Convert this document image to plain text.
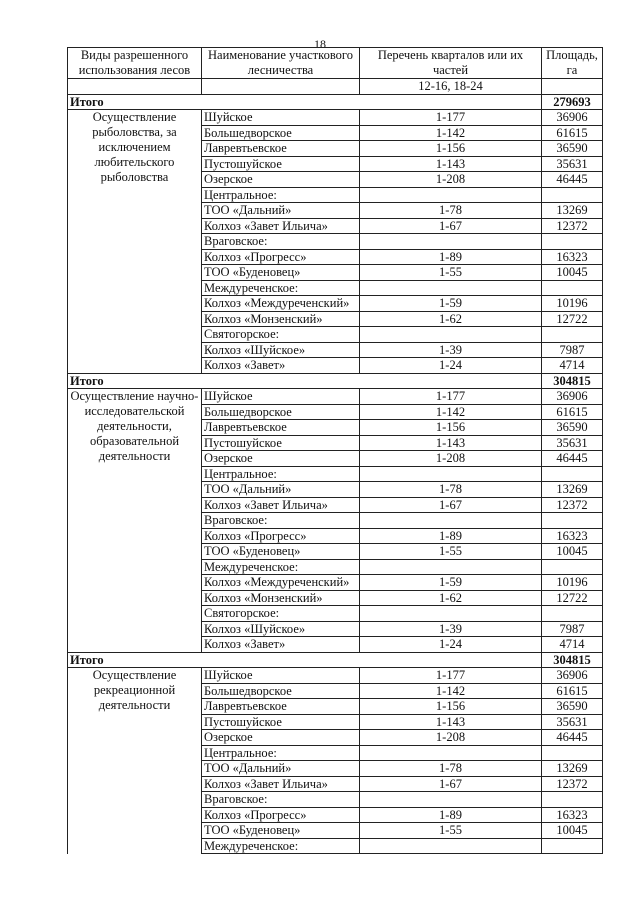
18
Виды разрешенного использования лесов	Наименование участкового лесничества	Перечень кварталов или их частей	Площадь, га
		12-16, 18-24	
Итого			279693
Осуществление рыболовства, за исключением любительского рыболовства	Шуйское	1-177	36906
	Большедворское	1-142	61615
	Лавревтьевское	1-156	36590
	Пустошуйское	1-143	35631
	Озерское	1-208	46445
	Центральное:		
	ТОО «Дальний»	1-78	13269
	Колхоз «Завет Ильича»	1-67	12372
	Враговское:		
	Колхоз «Прогресс»	1-89	16323
	ТОО «Буденовец»	1-55	10045
	Междуреченское:		
	Колхоз «Междуреченский»	1-59	10196
	Колхоз «Монзенский»	1-62	12722
	Святогорское:		
	Колхоз «Шуйское»	1-39	7987
	Колхоз «Завет»	1-24	4714
Итого			304815
Осуществление научно-исследовательской деятельности, образовательной деятельности	Шуйское	1-177	36906
	Большедворское	1-142	61615
	Лавревтьевское	1-156	36590
	Пустошуйское	1-143	35631
	Озерское	1-208	46445
	Центральное:		
	ТОО «Дальний»	1-78	13269
	Колхоз «Завет Ильича»	1-67	12372
	Враговское:		
	Колхоз «Прогресс»	1-89	16323
	ТОО «Буденовец»	1-55	10045
	Междуреченское:		
	Колхоз «Междуреченский»	1-59	10196
	Колхоз «Монзенский»	1-62	12722
	Святогорское:		
	Колхоз «Шуйское»	1-39	7987
	Колхоз «Завет»	1-24	4714
Итого			304815
Осуществление рекреационной деятельности	Шуйское	1-177	36906
	Большедворское	1-142	61615
	Лавревтьевское	1-156	36590
	Пустошуйское	1-143	35631
	Озерское	1-208	46445
	Центральное:		
	ТОО «Дальний»	1-78	13269
	Колхоз «Завет Ильича»	1-67	12372
	Враговское:		
	Колхоз «Прогресс»	1-89	16323
	ТОО «Буденовец»	1-55	10045
	Междуреченское:		
